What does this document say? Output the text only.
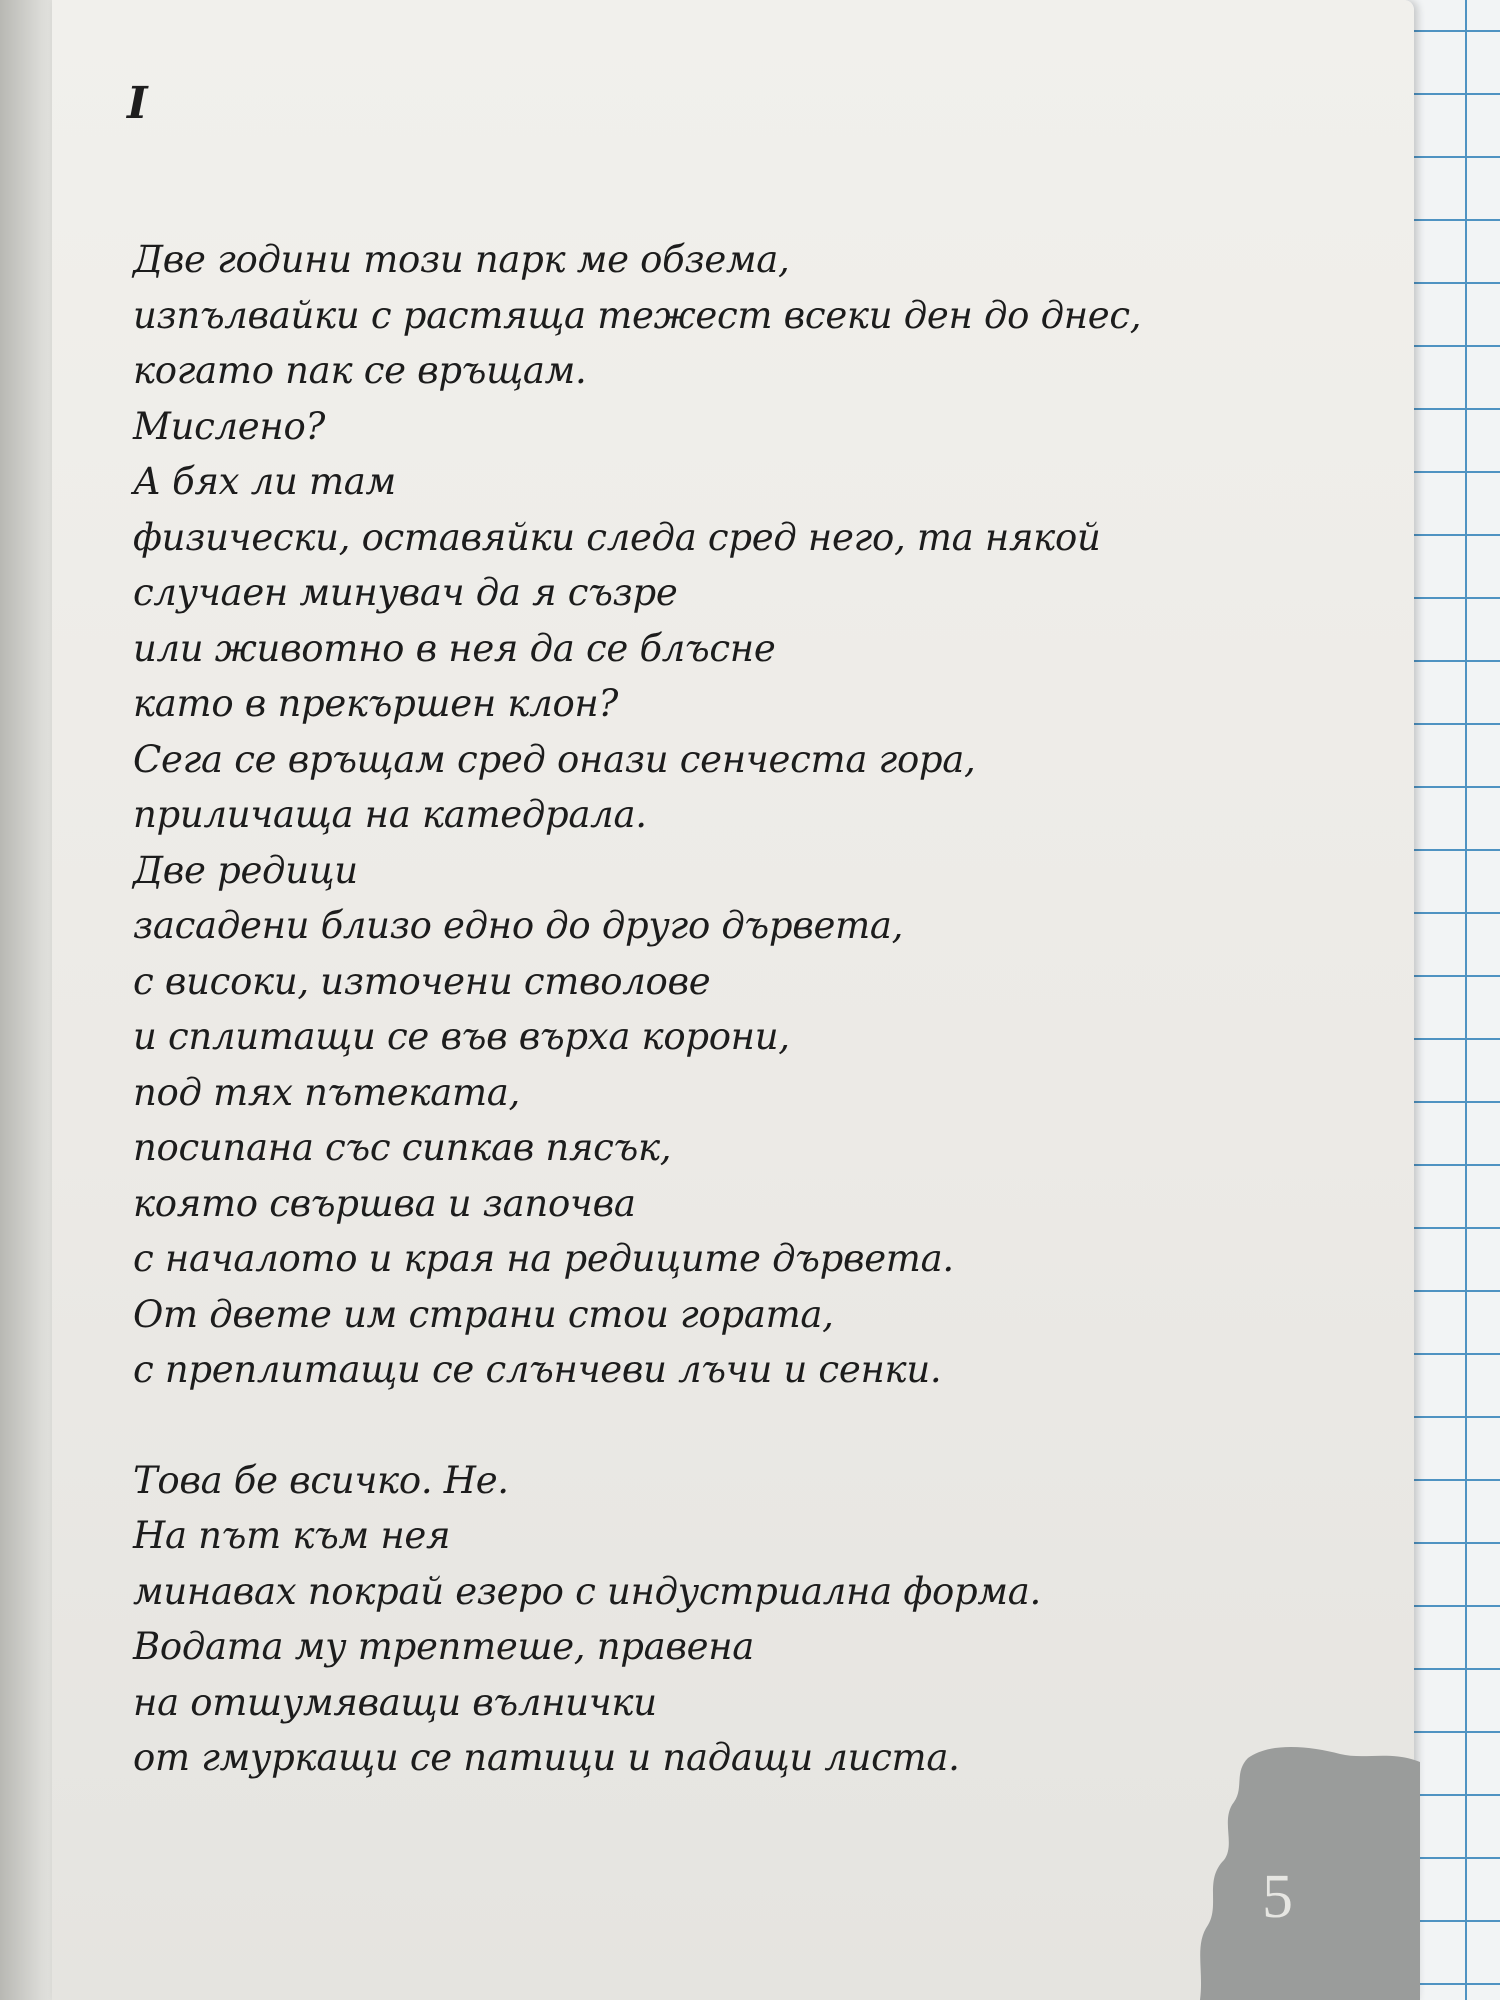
I
Две години този парк ме обзема,
изпълвайки с растяща тежест всеки ден до днес,
когато пак се връщам.
Мислено?
А бях ли там
физически, оставяйки следа сред него, та някой
случаен минувач да я съзре
или животно в нея да се блъсне
като в прекършен клон?
Сега се връщам сред онази сенчеста гора,
приличаща на катедрала.
Две редици
засадени близо едно до друго дървета,
с високи, източени стволове
и сплитащи се във върха корони,
под тях пътеката,
посипана със сипкав пясък,
която свършва и започва
с началото и края на редиците дървета.
От двете им страни стои гората,
с преплитащи се слънчеви лъчи и сенки.
Това бе всичко. Не.
На път към нея
минавах покрай езеро с индустриална форма.
Водата му трептеше, правена
на отшумяващи вълнички
от гмуркащи се патици и падащи листа.
5
